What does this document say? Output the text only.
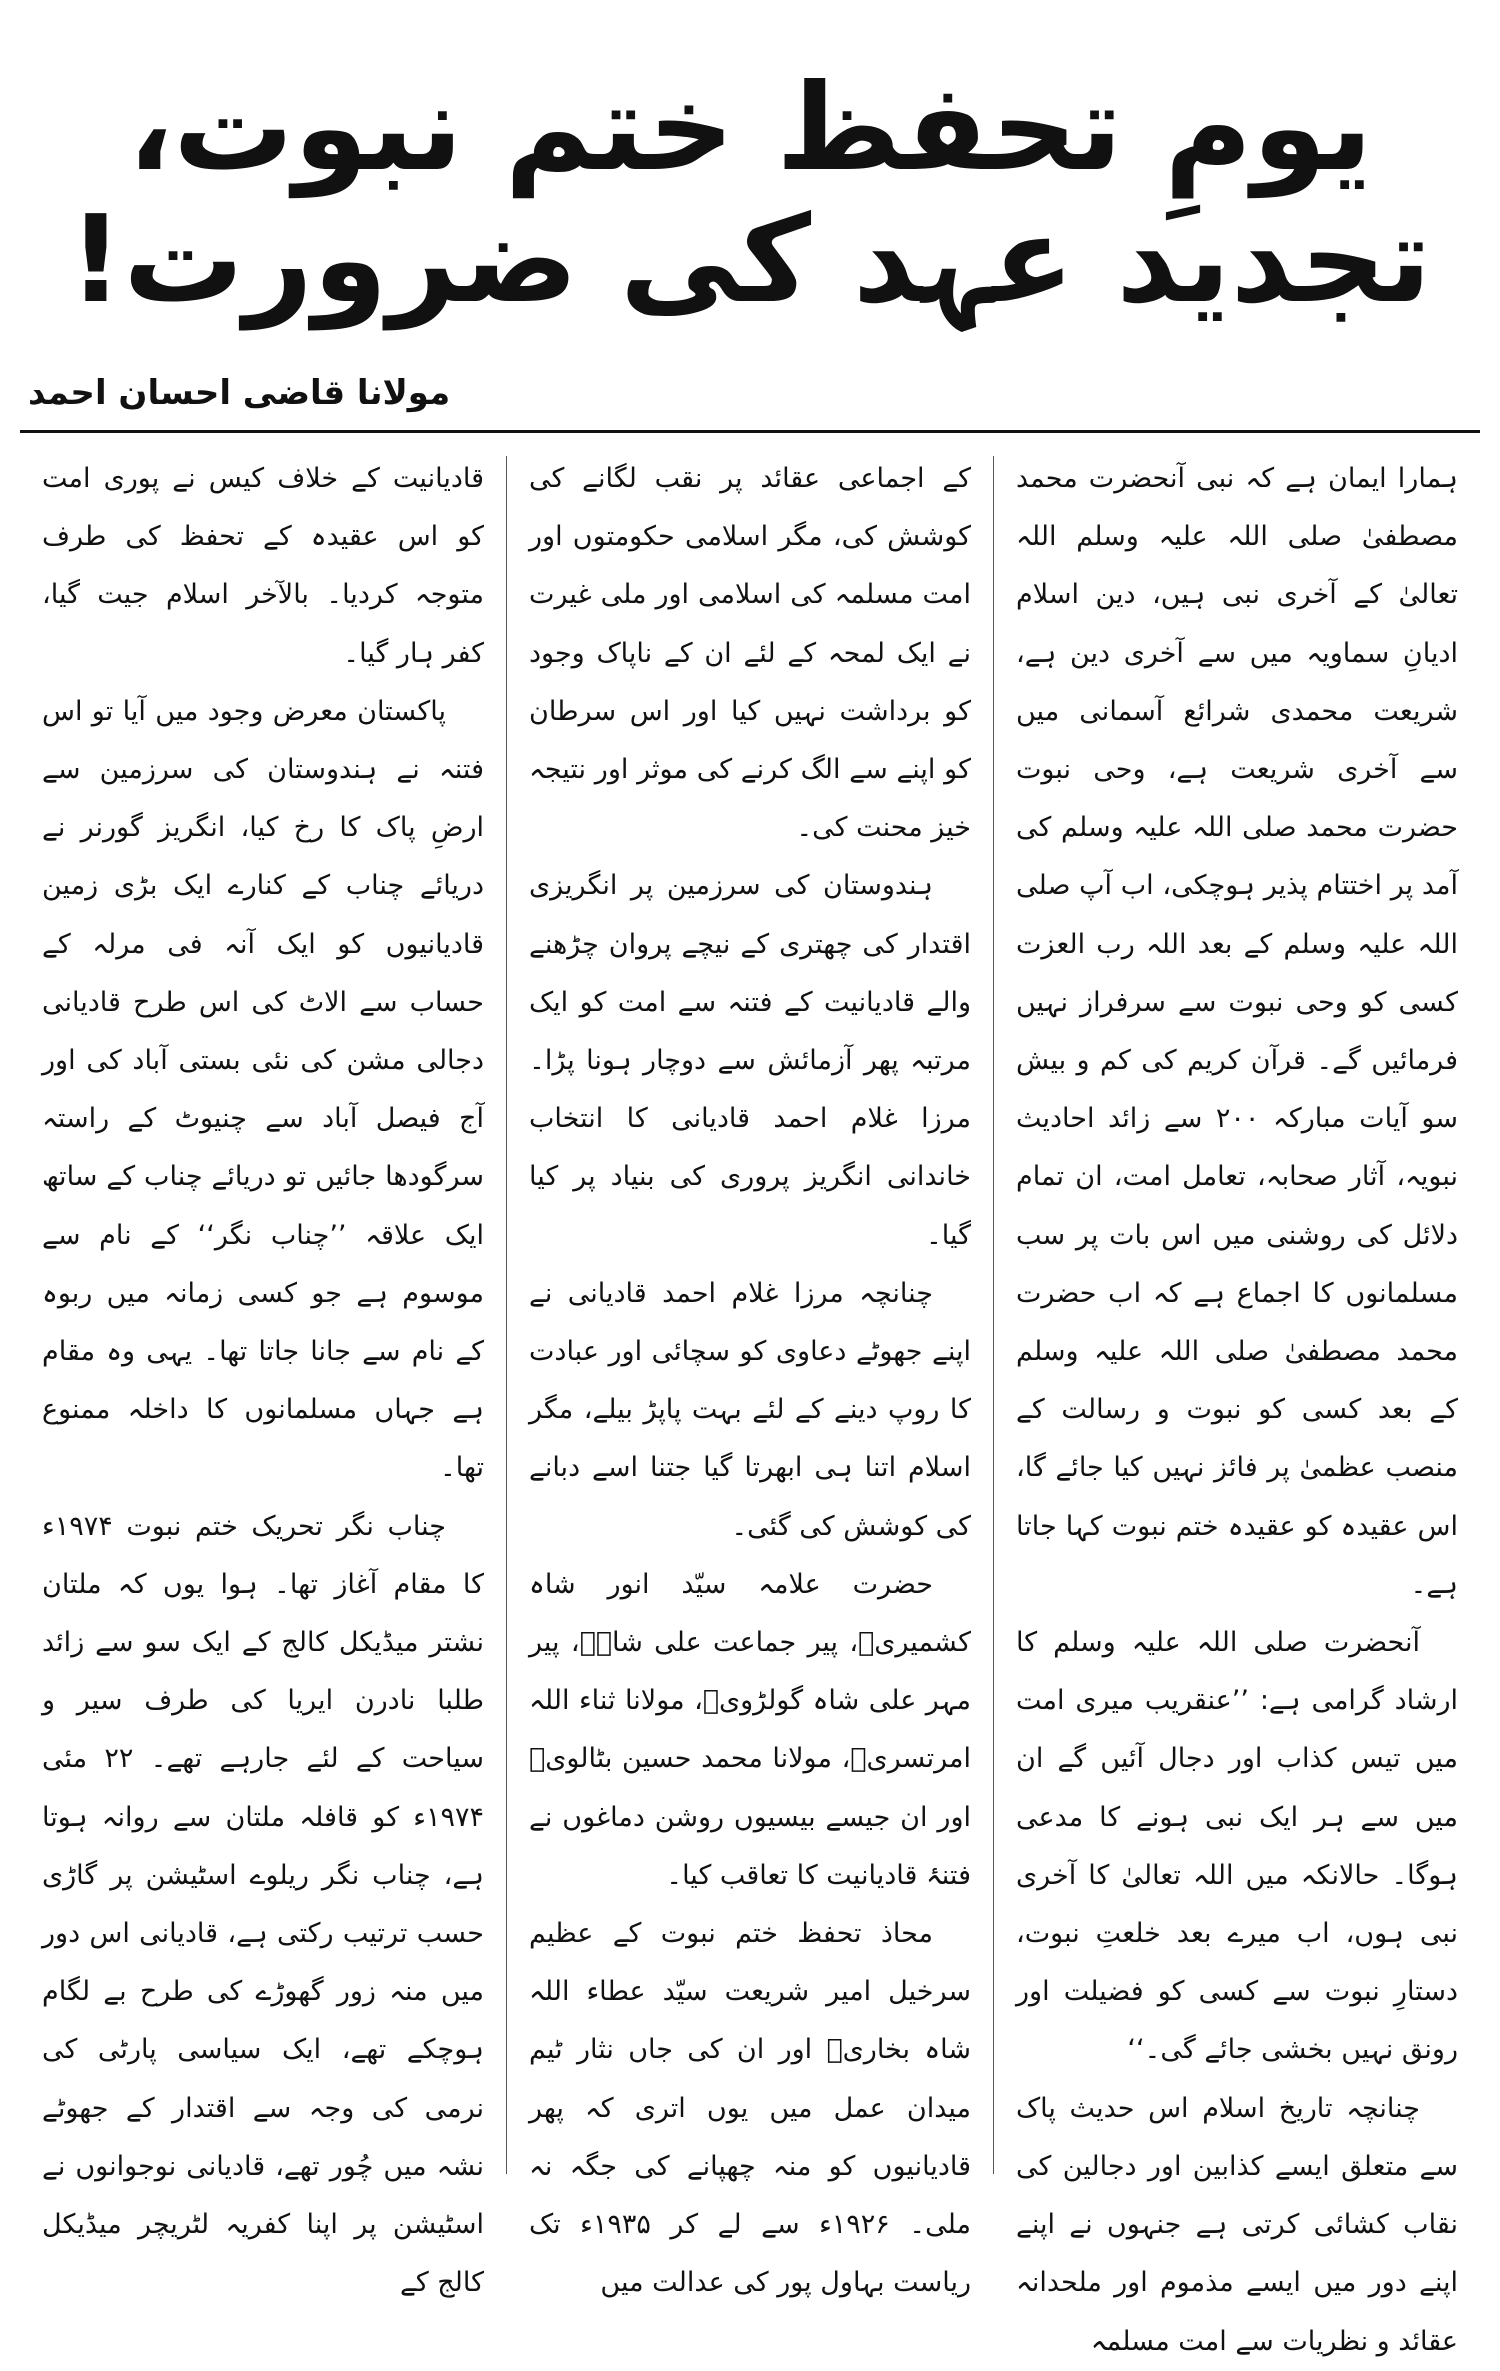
یومِ تحفظ ختم نبوت، تجدید عہد کی ضرورت!
مولانا قاضی احسان احمد

ہمارا ایمان ہے کہ نبی آنحضرت محمد مصطفیٰ صلی اللہ علیہ وسلم اللہ تعالیٰ کے آخری نبی ہیں، دین اسلام ادیانِ سماویہ میں سے آخری دین ہے، شریعت محمدی شرائع آسمانی میں سے آخری شریعت ہے، وحی نبوت حضرت محمد صلی اللہ علیہ وسلم کی آمد پر اختتام پذیر ہوچکی، اب آپ صلی اللہ علیہ وسلم کے بعد اللہ رب العزت کسی کو وحی نبوت سے سرفراز نہیں فرمائیں گے۔ قرآن کریم کی کم و بیش سو آیات مبارکہ ۲۰۰ سے زائد احادیث نبویہ، آثار صحابہ، تعامل امت، ان تمام دلائل کی روشنی میں اس بات پر سب مسلمانوں کا اجماع ہے کہ اب حضرت محمد مصطفیٰ صلی اللہ علیہ وسلم کے بعد کسی کو نبوت و رسالت کے منصب عظمیٰ پر فائز نہیں کیا جائے گا، اس عقیدہ کو عقیدہ ختم نبوت کہا جاتا ہے۔

آنحضرت صلی اللہ علیہ وسلم کا ارشاد گرامی ہے: ’’عنقریب میری امت میں تیس کذاب اور دجال آئیں گے ان میں سے ہر ایک نبی ہونے کا مدعی ہوگا۔ حالانکہ میں اللہ تعالیٰ کا آخری نبی ہوں، اب میرے بعد خلعتِ نبوت، دستارِ نبوت سے کسی کو فضیلت اور رونق نہیں بخشی جائے گی۔‘‘

چنانچہ تاریخ اسلام اس حدیث پاک سے متعلق ایسے کذابین اور دجالین کی نقاب کشائی کرتی ہے جنہوں نے اپنے اپنے دور میں ایسے مذموم اور ملحدانہ عقائد و نظریات سے امت مسلمہ

کے اجماعی عقائد پر نقب لگانے کی کوشش کی، مگر اسلامی حکومتوں اور امت مسلمہ کی اسلامی اور ملی غیرت نے ایک لمحہ کے لئے ان کے ناپاک وجود کو برداشت نہیں کیا اور اس سرطان کو اپنے سے الگ کرنے کی موثر اور نتیجہ خیز محنت کی۔

ہندوستان کی سرزمین پر انگریزی اقتدار کی چھتری کے نیچے پروان چڑھنے والے قادیانیت کے فتنہ سے امت کو ایک مرتبہ پھر آزمائش سے دوچار ہونا پڑا۔ مرزا غلام احمد قادیانی کا انتخاب خاندانی انگریز پروری کی بنیاد پر کیا گیا۔

چنانچہ مرزا غلام احمد قادیانی نے اپنے جھوٹے دعاوی کو سچائی اور عبادت کا روپ دینے کے لئے بہت پاپڑ بیلے، مگر اسلام اتنا ہی ابھرتا گیا جتنا اسے دبانے کی کوشش کی گئی۔

حضرت علامہ سیّد انور شاہ کشمیریؒ، پیر جماعت علی شاہؒ، پیر مہر علی شاہ گولڑویؒ، مولانا ثناء اللہ امرتسریؒ، مولانا محمد حسین بٹالویؒ اور ان جیسے بیسیوں روشن دماغوں نے فتنۂ قادیانیت کا تعاقب کیا۔

محاذ تحفظ ختم نبوت کے عظیم سرخیل امیر شریعت سیّد عطاء اللہ شاہ بخاریؒ اور ان کی جاں نثار ٹیم میدان عمل میں یوں اتری کہ پھر قادیانیوں کو منہ چھپانے کی جگہ نہ ملی۔ ۱۹۲۶ء سے لے کر ۱۹۳۵ء تک ریاست بہاول پور کی عدالت میں

قادیانیت کے خلاف کیس نے پوری امت کو اس عقیدہ کے تحفظ کی طرف متوجہ کردیا۔ بالآخر اسلام جیت گیا، کفر ہار گیا۔

پاکستان معرض وجود میں آیا تو اس فتنہ نے ہندوستان کی سرزمین سے ارضِ پاک کا رخ کیا، انگریز گورنر نے دریائے چناب کے کنارے ایک بڑی زمین قادیانیوں کو ایک آنہ فی مرلہ کے حساب سے الاٹ کی اس طرح قادیانی دجالی مشن کی نئی بستی آباد کی اور آج فیصل آباد سے چنیوٹ کے راستہ سرگودھا جائیں تو دریائے چناب کے ساتھ ایک علاقہ ’’چناب نگر‘‘ کے نام سے موسوم ہے جو کسی زمانہ میں ربوہ کے نام سے جانا جاتا تھا۔ یہی وہ مقام ہے جہاں مسلمانوں کا داخلہ ممنوع تھا۔

چناب نگر تحریک ختم نبوت ۱۹۷۴ء کا مقام آغاز تھا۔ ہوا یوں کہ ملتان نشتر میڈیکل کالج کے ایک سو سے زائد طلبا نادرن ایریا کی طرف سیر و سیاحت کے لئے جارہے تھے۔ ۲۲ مئی ۱۹۷۴ء کو قافلہ ملتان سے روانہ ہوتا ہے، چناب نگر ریلوے اسٹیشن پر گاڑی حسب ترتیب رکتی ہے، قادیانی اس دور میں منہ زور گھوڑے کی طرح بے لگام ہوچکے تھے، ایک سیاسی پارٹی کی نرمی کی وجہ سے اقتدار کے جھوٹے نشہ میں چُور تھے، قادیانی نوجوانوں نے اسٹیشن پر اپنا کفریہ لٹریچر میڈیکل کالج کے
